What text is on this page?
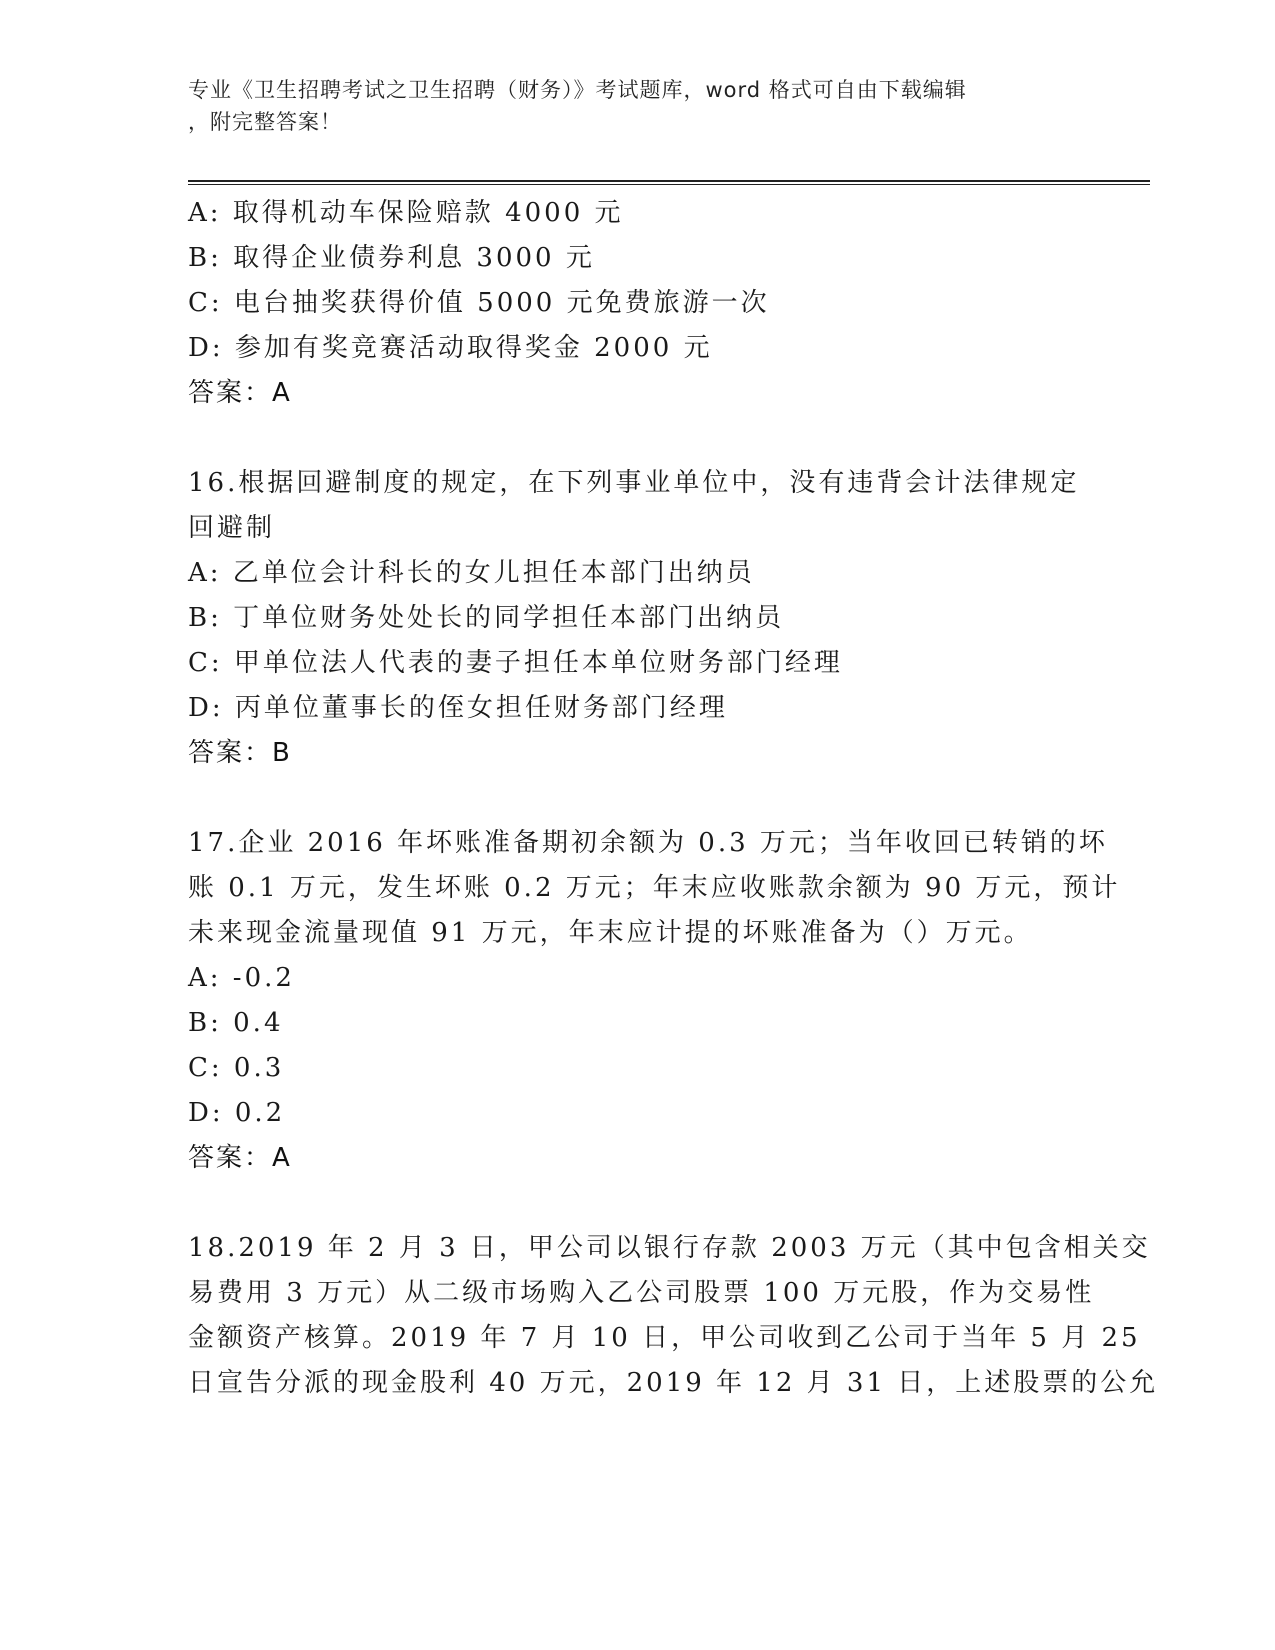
专业《卫生招聘考试之卫生招聘（财务）》考试题库，word 格式可自由下载编辑
，附完整答案！
A: 取得机动车保险赔款 4000 元
B: 取得企业债券利息 3000 元
C: 电台抽奖获得价值 5000 元免费旅游一次
D: 参加有奖竞赛活动取得奖金 2000 元
答案：A
16.根据回避制度的规定，在下列事业单位中，没有违背会计法律规定
回避制
A: 乙单位会计科长的女儿担任本部门出纳员
B: 丁单位财务处处长的同学担任本部门出纳员
C: 甲单位法人代表的妻子担任本单位财务部门经理
D: 丙单位董事长的侄女担任财务部门经理
答案：B
17.企业 2016 年坏账准备期初余额为 0.3 万元；当年收回已转销的坏
账 0.1 万元，发生坏账 0.2 万元；年末应收账款余额为 90 万元，预计
未来现金流量现值 91 万元，年末应计提的坏账准备为（）万元。
A: -0.2
B: 0.4
C: 0.3
D: 0.2
答案：A
18.2019 年 2 月 3 日，甲公司以银行存款 2003 万元（其中包含相关交
易费用 3 万元）从二级市场购入乙公司股票 100 万元股，作为交易性
金额资产核算。2019 年 7 月 10 日，甲公司收到乙公司于当年 5 月 25
日宣告分派的现金股利 40 万元，2019 年 12 月 31 日，上述股票的公允
